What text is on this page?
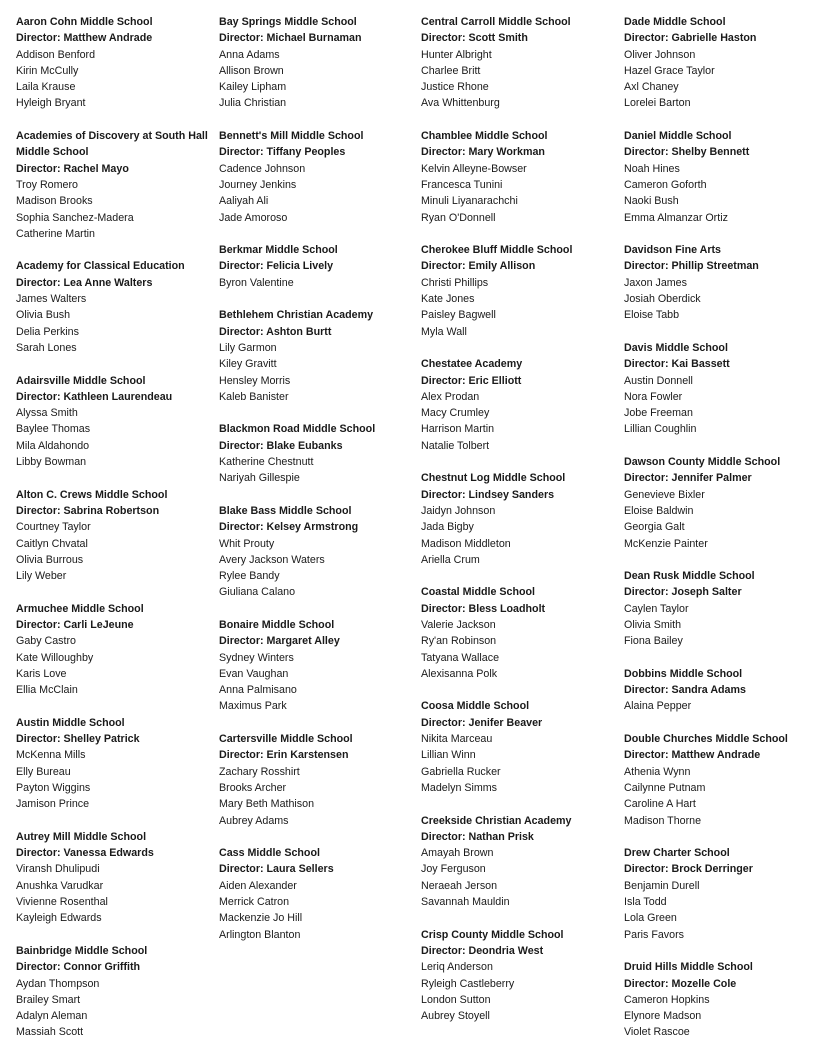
Aaron Cohn Middle School
Director: Matthew Andrade
Addison Benford
Kirin McCully
Laila Krause
Hyleigh Bryant
Academies of Discovery at South Hall Middle School
Director: Rachel Mayo
Troy Romero
Madison Brooks
Sophia Sanchez-Madera
Catherine Martin
Academy for Classical Education
Director: Lea Anne Walters
James Walters
Olivia Bush
Delia Perkins
Sarah Lones
Adairsville Middle School
Director: Kathleen Laurendeau
Alyssa Smith
Baylee Thomas
Mila Aldahondo
Libby Bowman
Alton C. Crews Middle School
Director: Sabrina Robertson
Courtney Taylor
Caitlyn Chvatal
Olivia Burrous
Lily Weber
Armuchee Middle School
Director: Carli LeJeune
Gaby Castro
Kate Willoughby
Karis Love
Ellia McClain
Austin Middle School
Director: Shelley Patrick
McKenna Mills
Elly Bureau
Payton Wiggins
Jamison Prince
Autrey Mill Middle School
Director: Vanessa Edwards
Viransh Dhulipudi
Anushka Varudkar
Vivienne Rosenthal
Kayleigh Edwards
Bainbridge Middle School
Director: Connor Griffith
Aydan Thompson
Brailey Smart
Adalyn Aleman
Massiah Scott
Bay Springs Middle School
Director: Michael Burnaman
Anna Adams
Allison Brown
Kailey Lipham
Julia Christian
Bennett's Mill Middle School
Director: Tiffany Peoples
Cadence Johnson
Journey Jenkins
Aaliyah Ali
Jade Amoroso
Berkmar Middle School
Director: Felicia Lively
Byron Valentine
Bethlehem Christian Academy
Director: Ashton Burtt
Lily Garmon
Kiley Gravitt
Hensley Morris
Kaleb Banister
Blackmon Road Middle School
Director: Blake Eubanks
Katherine Chestnutt
Nariyah Gillespie
Blake Bass Middle School
Director: Kelsey Armstrong
Whit Prouty
Avery Jackson Waters
Rylee Bandy
Giuliana Calano
Bonaire Middle School
Director: Margaret Alley
Sydney Winters
Evan Vaughan
Anna Palmisano
Maximus Park
Cartersville Middle School
Director: Erin Karstensen
Zachary Rosshirt
Brooks Archer
Mary Beth Mathison
Aubrey Adams
Cass Middle School
Director: Laura Sellers
Aiden Alexander
Merrick Catron
Mackenzie Jo Hill
Arlington Blanton
Central Carroll Middle School
Director: Scott Smith
Hunter Albright
Charlee Britt
Justice Rhone
Ava Whittenburg
Chamblee Middle School
Director: Mary Workman
Kelvin Alleyne-Bowser
Francesca Tunini
Minuli Liyanarachchi
Ryan O'Donnell
Cherokee Bluff Middle School
Director: Emily Allison
Christi Phillips
Kate Jones
Paisley Bagwell
Myla Wall
Chestatee Academy
Director: Eric Elliott
Alex Prodan
Macy Crumley
Harrison Martin
Natalie Tolbert
Chestnut Log Middle School
Director: Lindsey Sanders
Jaidyn Johnson
Jada Bigby
Madison Middleton
Ariella Crum
Coastal Middle School
Director: Bless Loadholt
Valerie Jackson
Ry'an Robinson
Tatyana Wallace
Alexisanna Polk
Coosa Middle School
Director: Jenifer Beaver
Nikita Marceau
Lillian Winn
Gabriella Rucker
Madelyn Simms
Creekside Christian Academy
Director: Nathan Prisk
Amayah Brown
Joy Ferguson
Neraeah Jerson
Savannah Mauldin
Crisp County Middle School
Director: Deondria West
Leriq Anderson
Ryleigh Castleberry
London Sutton
Aubrey Stoyell
Dade Middle School
Director: Gabrielle Haston
Oliver Johnson
Hazel Grace Taylor
Axl Chaney
Lorelei Barton
Daniel Middle School
Director: Shelby Bennett
Noah Hines
Cameron Goforth
Naoki Bush
Emma Almanzar Ortiz
Davidson Fine Arts
Director: Phillip Streetman
Jaxon James
Josiah Oberdick
Eloise Tabb
Davis Middle School
Director: Kai Bassett
Austin Donnell
Nora Fowler
Jobe Freeman
Lillian Coughlin
Dawson County Middle School
Director: Jennifer Palmer
Genevieve Bixler
Eloise Baldwin
Georgia Galt
McKenzie Painter
Dean Rusk Middle School
Director: Joseph Salter
Caylen Taylor
Olivia Smith
Fiona Bailey
Dobbins Middle School
Director: Sandra Adams
Alaina Pepper
Double Churches Middle School
Director: Matthew Andrade
Athenia Wynn
Cailynne Putnam
Caroline A Hart
Madison Thorne
Drew Charter School
Director: Brock Derringer
Benjamin Durell
Isla Todd
Lola Green
Paris Favors
Druid Hills Middle School
Director: Mozelle Cole
Cameron Hopkins
Elynore Madson
Violet Rascoe
